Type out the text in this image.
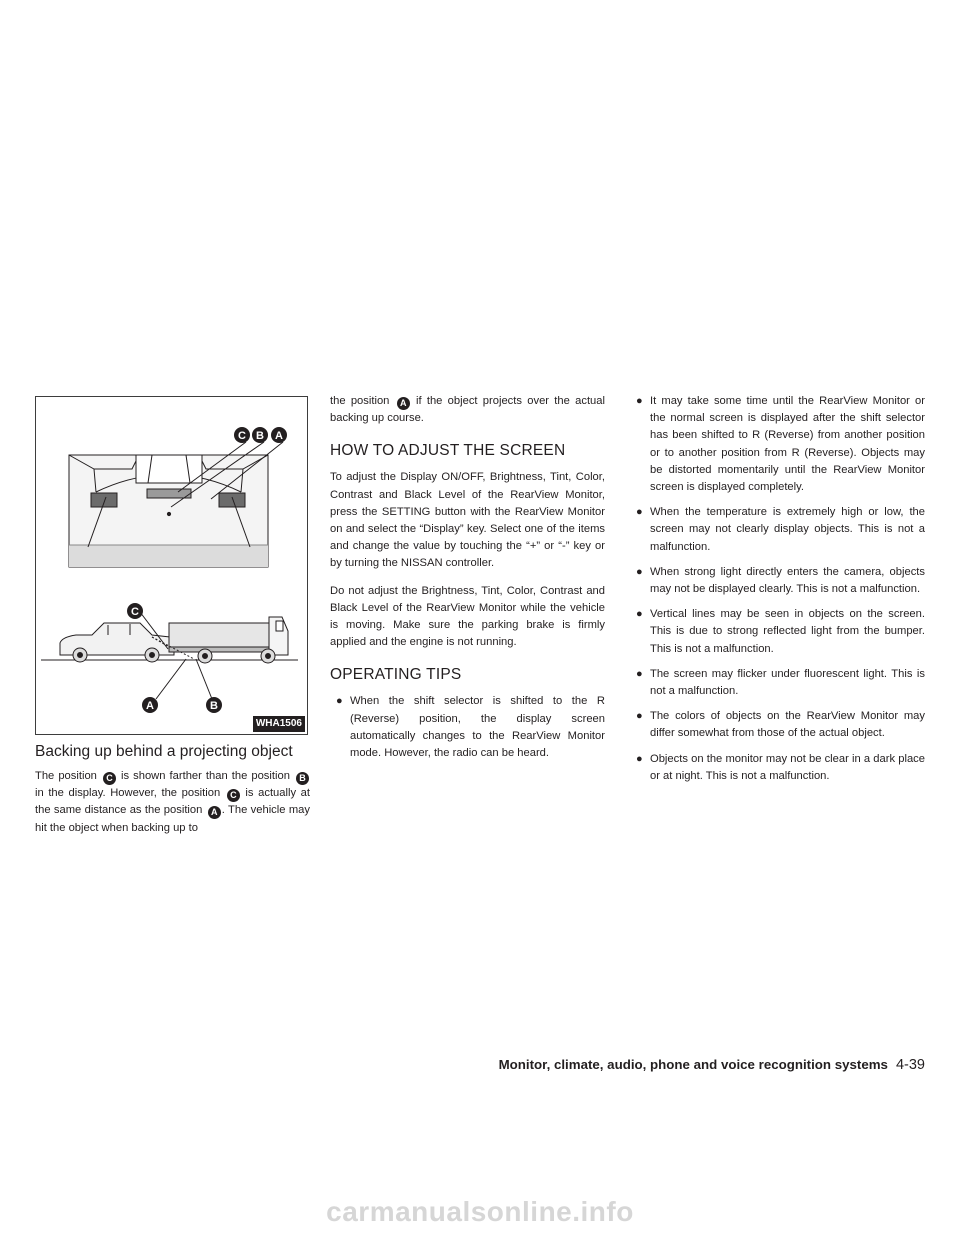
C B A
C
A	B
WHA1506
Backing up behind a projecting object

The position C is shown farther than the position B in the display. However, the position C is actually at the same distance as the position A . The vehicle may hit the object when backing up to

the position A if the object projects over the actual backing up course.

HOW TO ADJUST THE SCREEN

To adjust the Display ON/OFF, Brightness, Tint, Color, Contrast and Black Level of the RearView Monitor, press the SETTING button with the RearView Monitor on and select the “Display” key. Select one of the items and change the value by touching the “+” or “-” key or by turning the NISSAN controller.

Do not adjust the Brightness, Tint, Color, Contrast and Black Level of the RearView Monitor while the vehicle is moving. Make sure the parking brake is firmly applied and the engine is not running.

OPERATING TIPS
● When the shift selector is shifted to the R (Reverse) position, the display screen automatically changes to the RearView Monitor mode. However, the radio can be heard.
● It may take some time until the RearView Monitor or the normal screen is displayed after the shift selector has been shifted to R (Reverse) from another position or to another position from R (Reverse). Objects may be distorted momentarily until the RearView Monitor screen is displayed completely.
● When the temperature is extremely high or low, the screen may not clearly display objects. This is not a malfunction.
● When strong light directly enters the camera, objects may not be displayed clearly. This is not a malfunction.
● Vertical lines may be seen in objects on the screen. This is due to strong reflected light from the bumper. This is not a malfunction.
● The screen may flicker under fluorescent light. This is not a malfunction.
● The colors of objects on the RearView Monitor may differ somewhat from those of the actual object.
● Objects on the monitor may not be clear in a dark place or at night. This is not a malfunction.
Monitor, climate, audio, phone and voice recognition systems 4-39
carmanualsonline.info
